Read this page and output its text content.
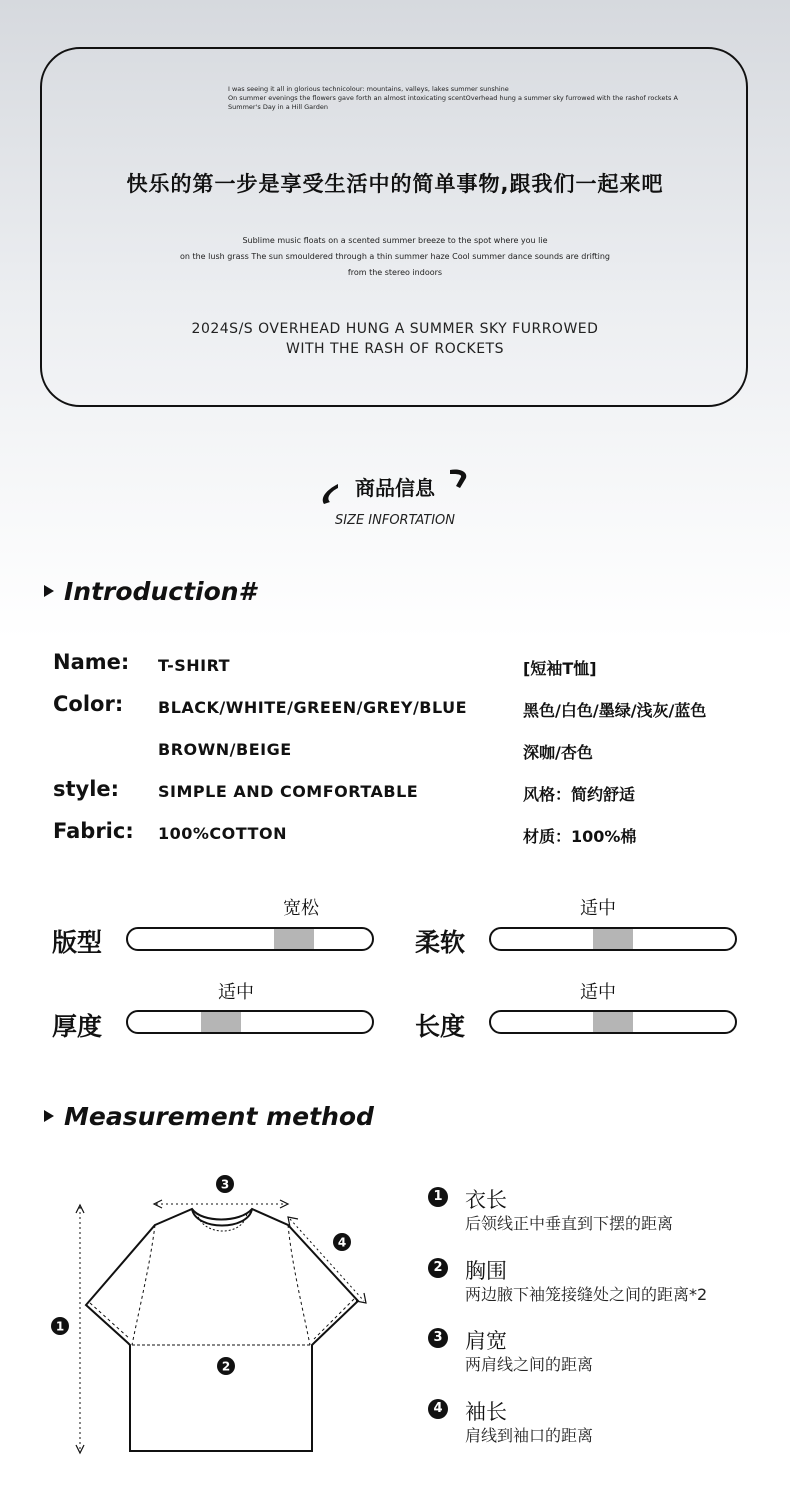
I was seeing it all in glorious technicolour: mountains, valleys, lakes summer sunshine
On summer evenings the flowers gave forth an almost intoxicating scentOverhead hung a summer sky furrowed with the rashof rockets A Summer's Day in a Hill Garden
快乐的第一步是享受生活中的简单事物,跟我们一起来吧
Sublime music floats on a scented summer breeze to the spot where you lie
on the lush grass The sun smouldered through a thin summer haze Cool summer dance sounds are drifting
from the stereo indoors
2024S/S OVERHEAD HUNG A SUMMER SKY FURROWED
WITH THE RASH OF ROCKETS
商品信息
SIZE INFORTATION
Introduction#
Name: T-SHIRT	[短袖T恤]
Color: BLACK/WHITE/GREEN/GREY/BLUE	黑色/白色/墨绿/浅灰/蓝色
BROWN/BEIGE	深咖/杏色
style: SIMPLE AND COMFORTABLE	风格：简约舒适
Fabric: 100%COTTON	材质：100%棉
版型
宽松
柔软
适中
厚度
适中
长度
适中
Measurement method
1
2
3
4
1 衣长
后领线正中垂直到下摆的距离
2 胸围
两边腋下袖笼接缝处之间的距离*2
3 肩宽
两肩线之间的距离
4 袖长
肩线到袖口的距离
